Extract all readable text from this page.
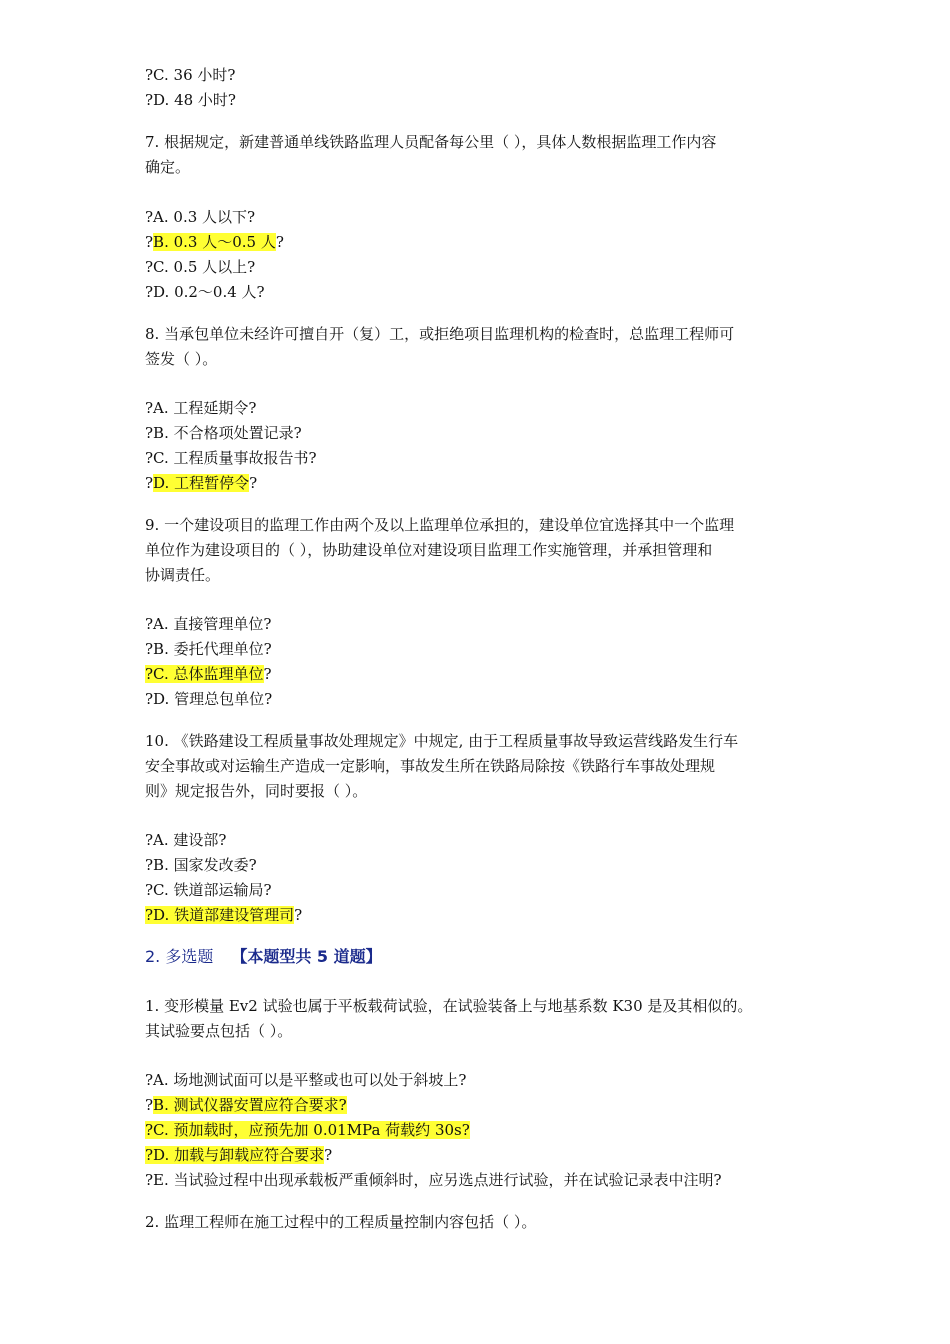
?C. 36 小时?
?D. 48 小时?
7. 根据规定，新建普通单线铁路监理人员配备每公里（ ），具体人数根据监理工作内容
确定。
?A. 0.3 人以下?
?B. 0.3 人～0.5 人?
?C. 0.5 人以上?
?D. 0.2～0.4 人?
8. 当承包单位未经许可擅自开（复）工，或拒绝项目监理机构的检查时，总监理工程师可
签发（ ）。
?A. 工程延期令?
?B. 不合格项处置记录?
?C. 工程质量事故报告书?
?D. 工程暂停令?
9. 一个建设项目的监理工作由两个及以上监理单位承担的，建设单位宜选择其中一个监理
单位作为建设项目的（ ），协助建设单位对建设项目监理工作实施管理，并承担管理和
协调责任。
?A. 直接管理单位?
?B. 委托代理单位?
?C. 总体监理单位?
?D. 管理总包单位?
10. 《铁路建设工程质量事故处理规定》中规定, 由于工程质量事故导致运营线路发生行车
安全事故或对运输生产造成一定影响，事故发生所在铁路局除按《铁路行车事故处理规
则》规定报告外，同时要报（ ）。
?A. 建设部?
?B. 国家发改委?
?C. 铁道部运输局?
?D. 铁道部建设管理司?
2. 多选题 【本题型共 5 道题】
1. 变形模量 Ev2 试验也属于平板载荷试验，在试验装备上与地基系数 K30 是及其相似的。
其试验要点包括（ ）。
?A. 场地测试面可以是平整或也可以处于斜坡上?
?B. 测试仪器安置应符合要求?
?C. 预加载时，应预先加 0.01MPa 荷载约 30s?
?D. 加载与卸载应符合要求?
?E. 当试验过程中出现承载板严重倾斜时，应另选点进行试验，并在试验记录表中注明?
2. 监理工程师在施工过程中的工程质量控制内容包括（ ）。
